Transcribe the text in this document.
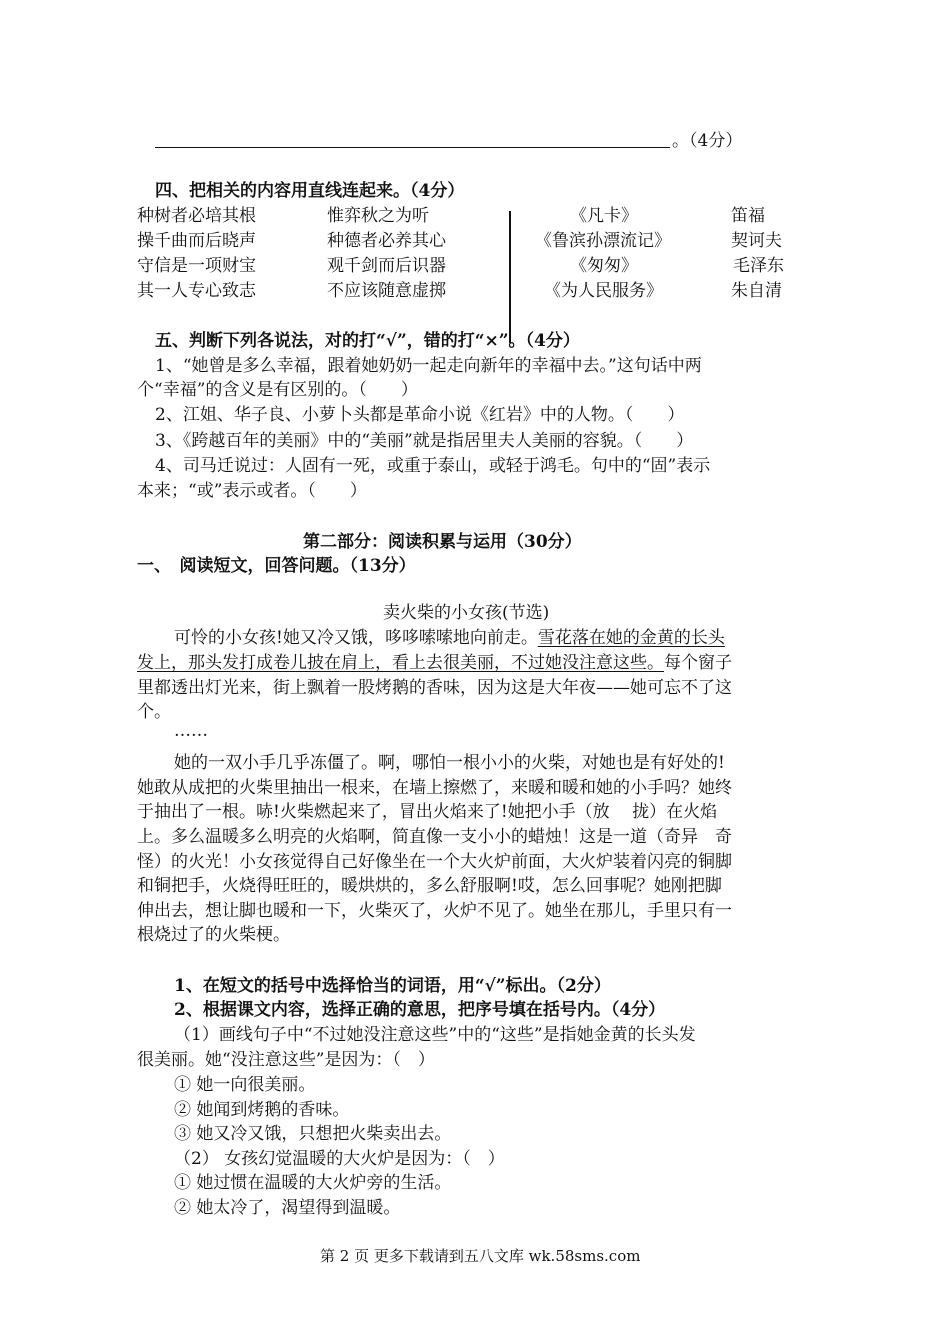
。（4分）
四、把相关的内容用直线连起来。（4分）
种树者必培其根
操千曲而后晓声
守信是一项财宝
其一人专心致志
惟弈秋之为听
种德者必养其心
观千剑而后识器
不应该随意虚掷
《凡卡》
《鲁滨孙漂流记》
《匆匆》
《为人民服务》
笛福
契诃夫
毛泽东
朱自清
五、判断下列各说法，对的打“√”，错的打“×”。（4分）
1、“她曾是多么幸福，跟着她奶奶一起走向新年的幸福中去。”这句话中两
个“幸福”的含义是有区别的。（　　）
2、江姐、华子良、小萝卜头都是革命小说《红岩》中的人物。（　　）
3、《跨越百年的美丽》中的“美丽”就是指居里夫人美丽的容貌。（　　）
4、司马迁说过：人固有一死，或重于泰山，或轻于鸿毛。句中的“固”表示
本来；“或”表示或者。（　　）
第二部分：阅读积累与运用（30分）
一、　阅读短文，回答问题。（13分）
卖火柴的小女孩(节选)
可怜的小女孩!她又冷又饿，哆哆嗦嗦地向前走。雪花落在她的金黄的长头
发上，那头发打成卷儿披在肩上，看上去很美丽，不过她没注意这些。每个窗子
里都透出灯光来，街上飘着一股烤鹅的香味，因为这是大年夜——她可忘不了这
个。
……
她的一双小手几乎冻僵了。啊，哪怕一根小小的火柴，对她也是有好处的!
她敢从成把的火柴里抽出一根来，在墙上擦燃了，来暖和暖和她的小手吗？她终
于抽出了一根。哧!火柴燃起来了，冒出火焰来了!她把小手（放　 拢）在火焰
上。多么温暖多么明亮的火焰啊，简直像一支小小的蜡烛！这是一道（奇异　奇
怪）的火光！小女孩觉得自己好像坐在一个大火炉前面，大火炉装着闪亮的铜脚
和铜把手，火烧得旺旺的，暖烘烘的，多么舒服啊!哎，怎么回事呢？她刚把脚
伸出去，想让脚也暖和一下，火柴灭了，火炉不见了。她坐在那儿，手里只有一
根烧过了的火柴梗。
1、在短文的括号中选择恰当的词语，用“√”标出。（2分）
2、根据课文内容，选择正确的意思，把序号填在括号内。（4分）
（1）画线句子中“不过她没注意这些”中的“这些”是指她金黄的长头发
很美丽。她“没注意这些”是因为：（　）
① 她一向很美丽。
② 她闻到烤鹅的香味。
③ 她又冷又饿，只想把火柴卖出去。
（2） 女孩幻觉温暖的大火炉是因为：（　）
① 她过惯在温暖的大火炉旁的生活。
② 她太冷了，渴望得到温暖。
第 2 页 更多下载请到五八文库 wk.58sms.com
